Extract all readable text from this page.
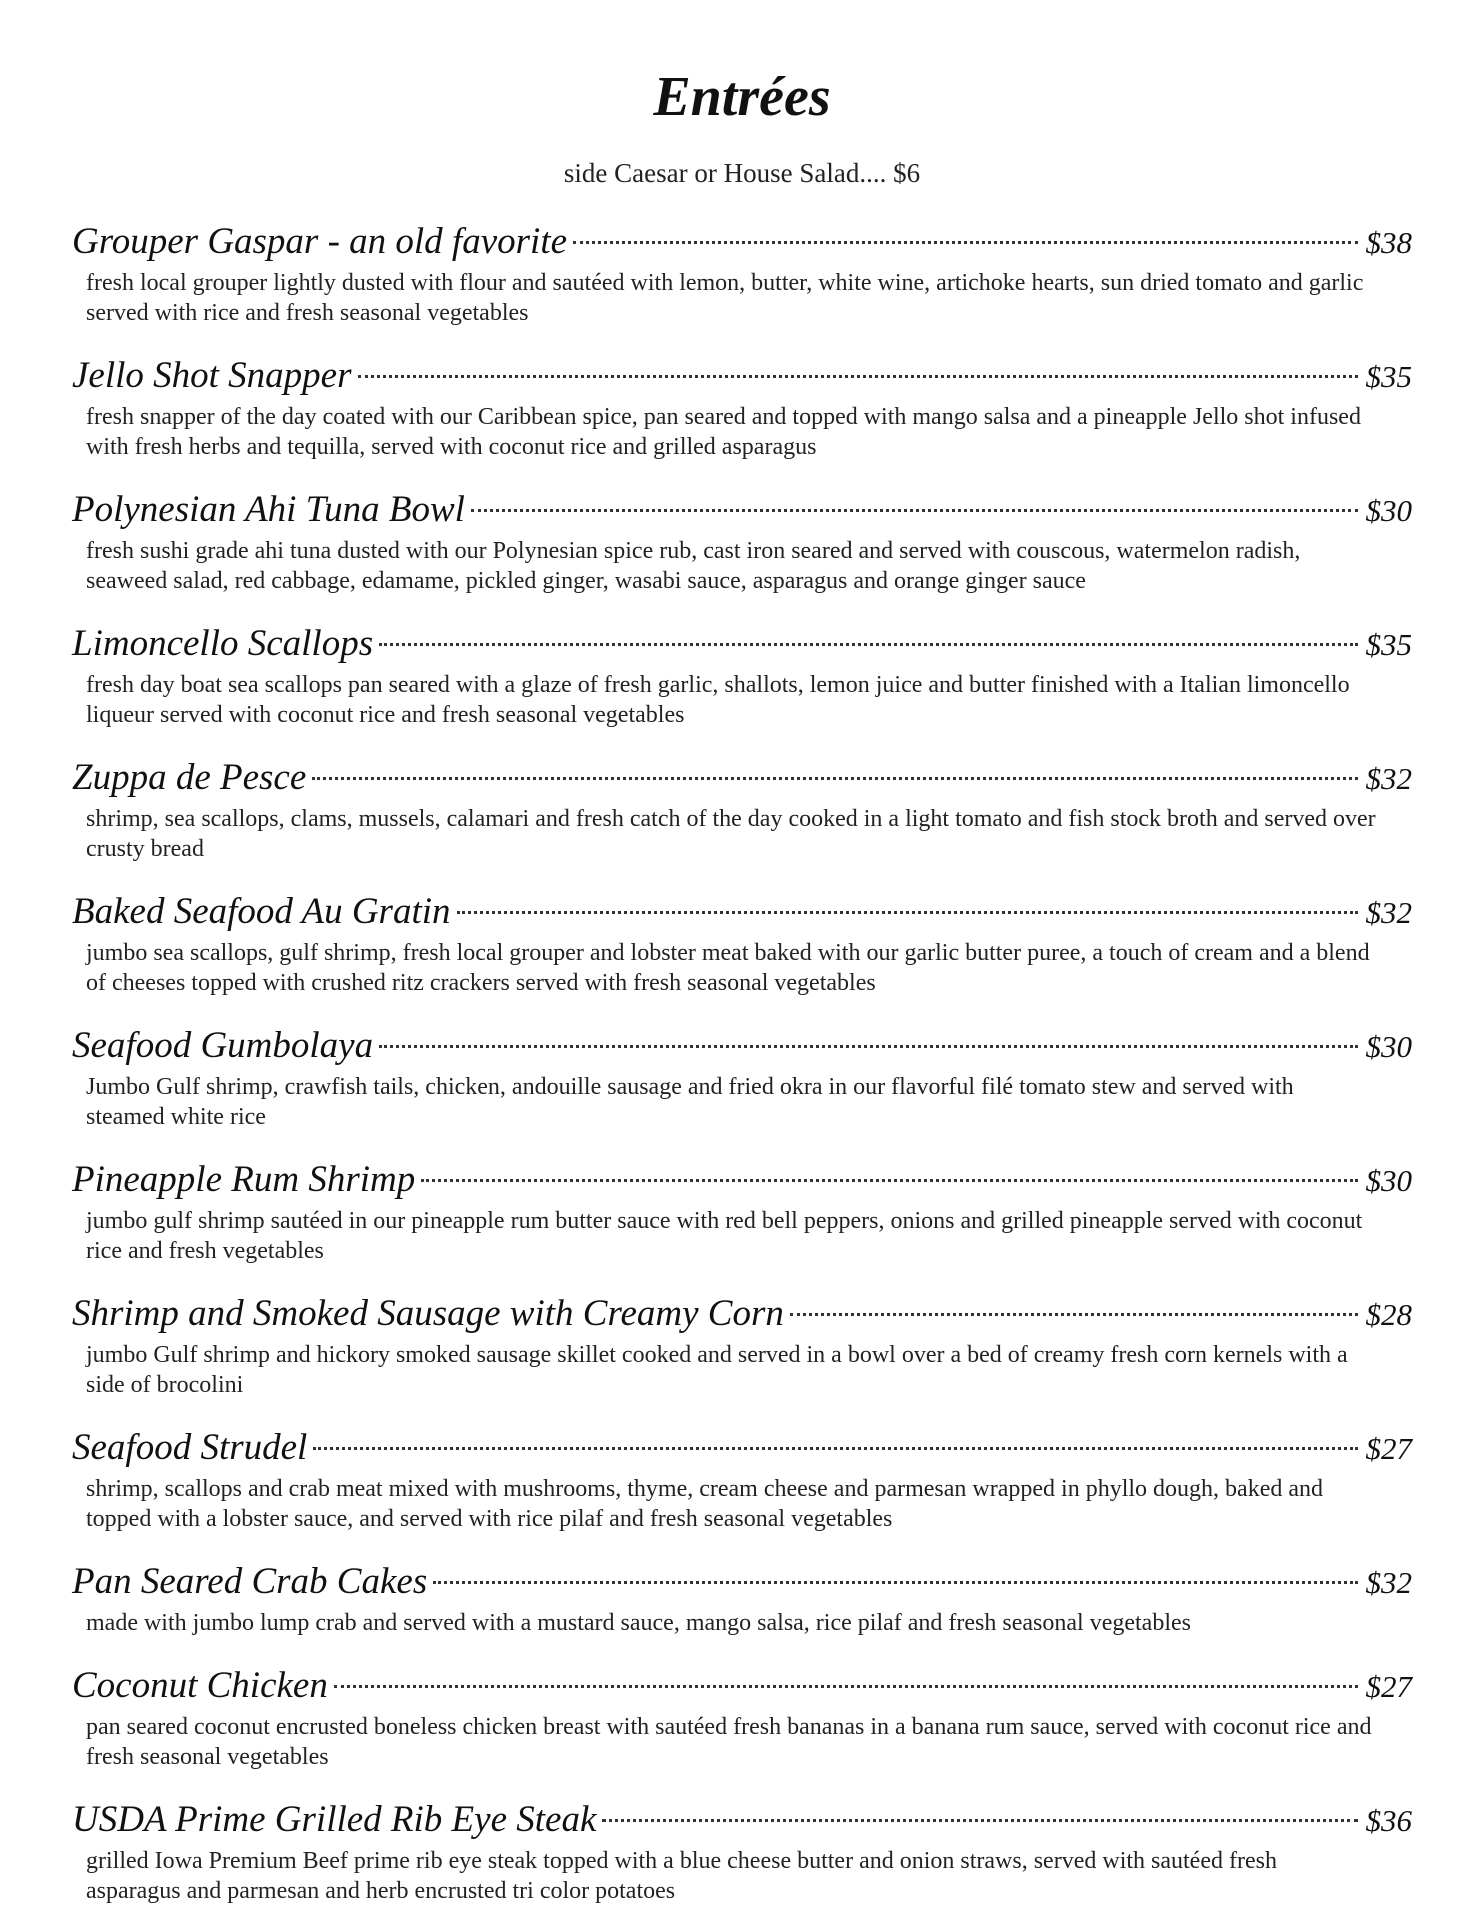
Entrées
side Caesar or House Salad.... $6
Grouper Gaspar - an old favorite	$38

fresh local grouper lightly dusted with flour and sautéed with lemon, butter, white wine, artichoke hearts, sun dried tomato and garlic served with rice and fresh seasonal vegetables

Jello Shot Snapper	$35

fresh snapper of the day coated with our Caribbean spice, pan seared and topped with mango salsa and a pineapple Jello shot infused with fresh herbs and tequilla, served with coconut rice and grilled asparagus

Polynesian Ahi Tuna Bowl	$30

fresh sushi grade ahi tuna dusted with our Polynesian spice rub, cast iron seared and served with couscous, watermelon radish, seaweed salad, red cabbage, edamame, pickled ginger, wasabi sauce, asparagus and orange ginger sauce

Limoncello Scallops	$35

fresh day boat sea scallops pan seared with a glaze of fresh garlic, shallots, lemon juice and butter finished with a Italian limoncello liqueur served with coconut rice and fresh seasonal vegetables

Zuppa de Pesce	$32

shrimp, sea scallops, clams, mussels, calamari and fresh catch of the day cooked in a light tomato and fish stock broth and served over crusty bread

Baked Seafood Au Gratin	$32

jumbo sea scallops, gulf shrimp, fresh local grouper and lobster meat baked with our garlic butter puree, a touch of cream and a blend of cheeses topped with crushed ritz crackers served with fresh seasonal vegetables

Seafood Gumbolaya	$30

Jumbo Gulf shrimp, crawfish tails, chicken, andouille sausage and fried okra in our flavorful filé tomato stew and served with steamed white rice

Pineapple Rum Shrimp	$30

jumbo gulf shrimp sautéed in our pineapple rum butter sauce with red bell peppers, onions and grilled pineapple served with coconut rice and fresh vegetables

Shrimp and Smoked Sausage with Creamy Corn	$28

jumbo Gulf shrimp and hickory smoked sausage skillet cooked and served in a bowl over a bed of creamy fresh corn kernels with a side of brocolini

Seafood Strudel	$27

shrimp, scallops and crab meat mixed with mushrooms, thyme, cream cheese and parmesan wrapped in phyllo dough, baked and topped with a lobster sauce, and served with rice pilaf and fresh seasonal vegetables

Pan Seared Crab Cakes	$32

made with jumbo lump crab and served with a mustard sauce, mango salsa, rice pilaf and fresh seasonal vegetables

Coconut Chicken	$27

pan seared coconut encrusted boneless chicken breast with sautéed fresh bananas in a banana rum sauce, served with coconut rice and fresh seasonal vegetables

USDA Prime Grilled Rib Eye Steak	$36

grilled Iowa Premium Beef prime rib eye steak topped with a blue cheese butter and onion straws, served with sautéed fresh asparagus and parmesan and herb encrusted tri color potatoes
